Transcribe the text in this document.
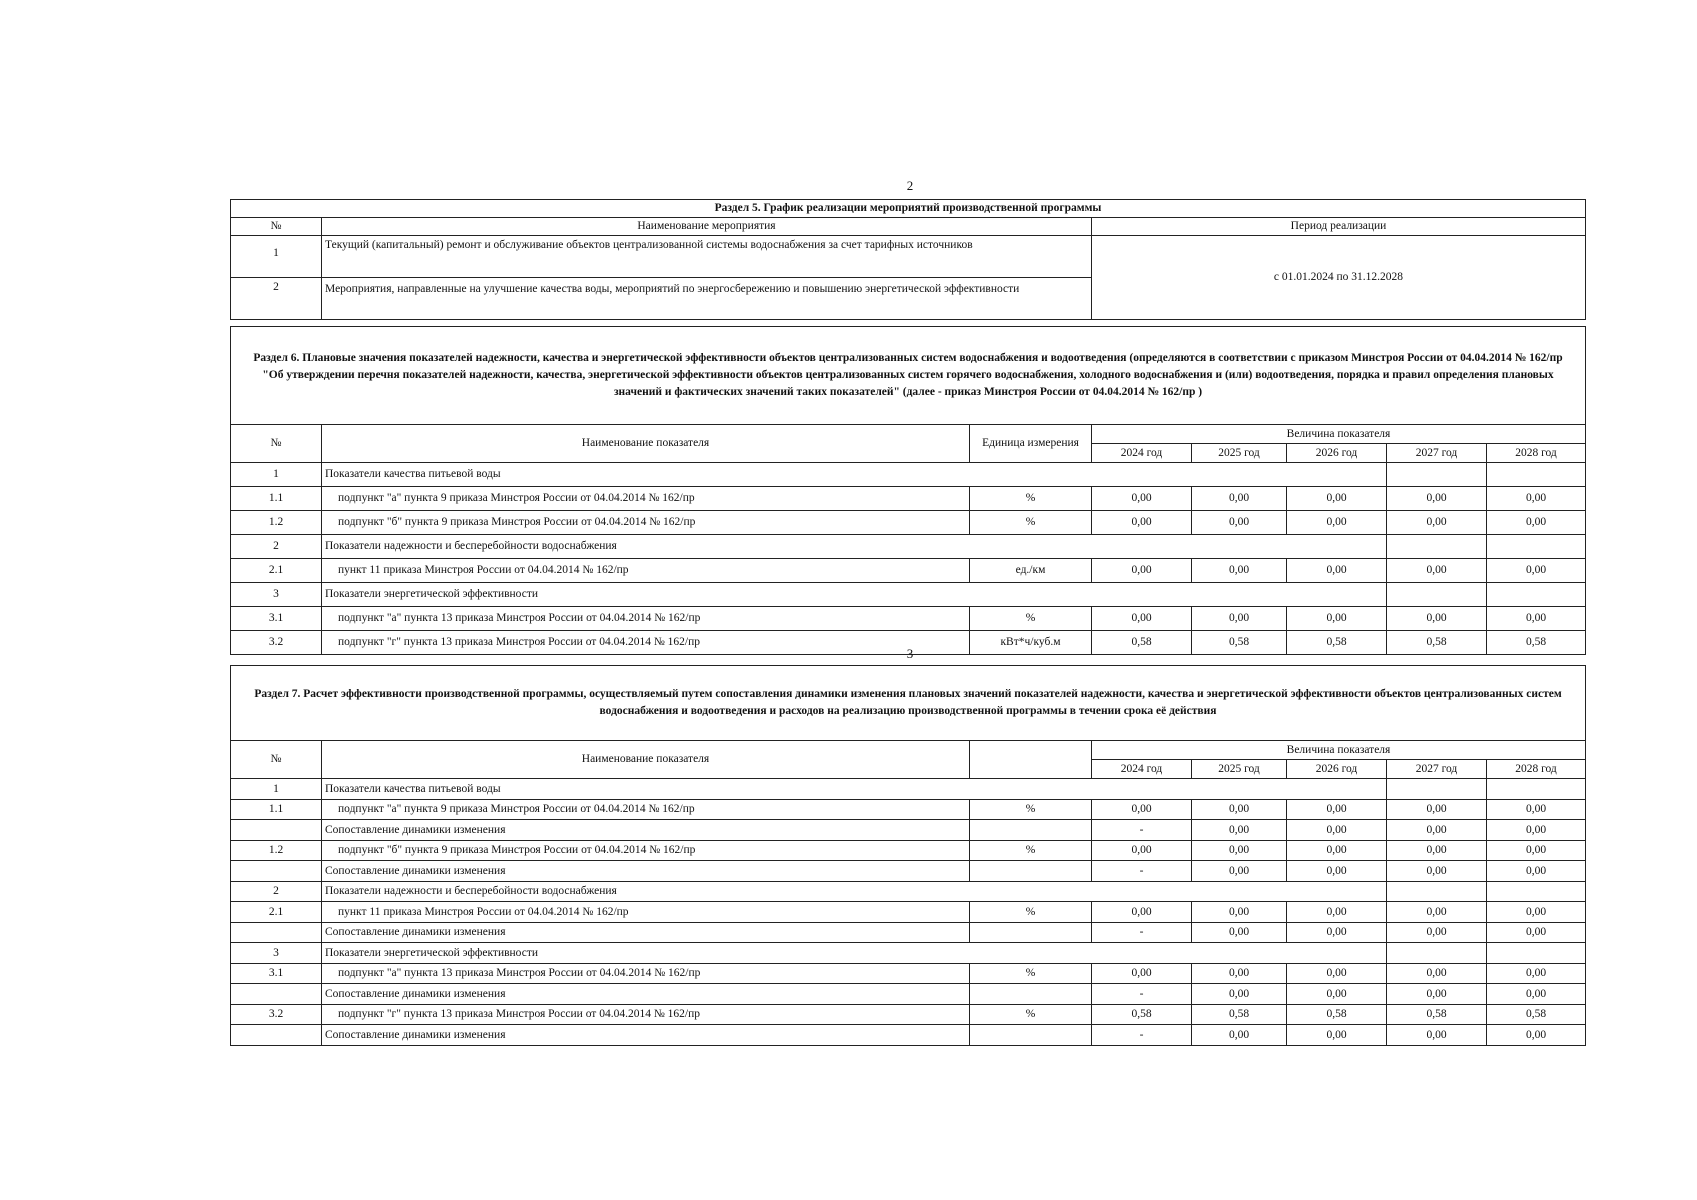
2
Раздел 5. График реализации мероприятий производственной программы		
№	Наименование мероприятия	Период реализации
1	Текущий (капитальный) ремонт и обслуживание объектов централизованной системы водоснабжения за счет тарифных источников	с 01.01.2024 по 31.12.2028
2	Мероприятия, направленные на улучшение качества воды, мероприятий по энергосбережению и повышению энергетической эффективности	
Раздел 6. Плановые значения показателей надежности, качества и энергетической эффективности объектов централизованных систем водоснабжения и водоотведения (определяются в соответствии с приказом Минстроя России от 04.04.2014 № 162/пр "Об утверждении перечня показателей надежности, качества, энергетической эффективности объектов централизованных систем горячего водоснабжения, холодного водоснабжения и (или) водоотведения, порядка и правил определения плановых значений и фактических значений таких показателей" (далее - приказ Минстроя России от 04.04.2014 № 162/пр )							
№	Наименование показателя	Единица измерения	Величина показателя				
			2024 год	2025 год	2026 год	2027 год	2028 год
1	Показатели качества питьевой воды						
1.1	подпункт "а" пункта 9 приказа Минстроя России от 04.04.2014 № 162/пр	%	0,00	0,00	0,00	0,00	0,00
1.2	подпункт "б" пункта 9 приказа Минстроя России от 04.04.2014 № 162/пр	%	0,00	0,00	0,00	0,00	0,00
2	Показатели надежности и бесперебойности водоснабжения						
2.1	пункт 11 приказа Минстроя России от 04.04.2014 № 162/пр	ед./км	0,00	0,00	0,00	0,00	0,00
3	Показатели энергетической эффективности						
3.1	подпункт "а" пункта 13 приказа Минстроя России от 04.04.2014 № 162/пр	%	0,00	0,00	0,00	0,00	0,00
3.2	подпункт "г" пункта 13 приказа Минстроя России от 04.04.2014 № 162/пр	кВт*ч/куб.м	0,58	0,58	0,58	0,58	0,58
3
Раздел 7. Расчет эффективности производственной программы, осуществляемый путем сопоставления динамики изменения плановых значений показателей надежности, качества и энергетической эффективности объектов централизованных систем водоснабжения и водоотведения и расходов на реализацию производственной программы в течении срока её действия							
№	Наименование показателя		Величина показателя				
			2024 год	2025 год	2026 год	2027 год	2028 год
1	Показатели качества питьевой воды						
1.1	подпункт "а" пункта 9 приказа Минстроя России от 04.04.2014 № 162/пр	%	0,00	0,00	0,00	0,00	0,00
	Сопоставление динамики изменения		-	0,00	0,00	0,00	0,00
1.2	подпункт "б" пункта 9 приказа Минстроя России от 04.04.2014 № 162/пр	%	0,00	0,00	0,00	0,00	0,00
	Сопоставление динамики изменения		-	0,00	0,00	0,00	0,00
2	Показатели надежности и бесперебойности водоснабжения						
2.1	пункт 11 приказа Минстроя России от 04.04.2014 № 162/пр	%	0,00	0,00	0,00	0,00	0,00
	Сопоставление динамики изменения		-	0,00	0,00	0,00	0,00
3	Показатели энергетической эффективности						
3.1	подпункт "а" пункта 13 приказа Минстроя России от 04.04.2014 № 162/пр	%	0,00	0,00	0,00	0,00	0,00
	Сопоставление динамики изменения		-	0,00	0,00	0,00	0,00
3.2	подпункт "г" пункта 13 приказа Минстроя России от 04.04.2014 № 162/пр	%	0,58	0,58	0,58	0,58	0,58
	Сопоставление динамики изменения		-	0,00	0,00	0,00	0,00
